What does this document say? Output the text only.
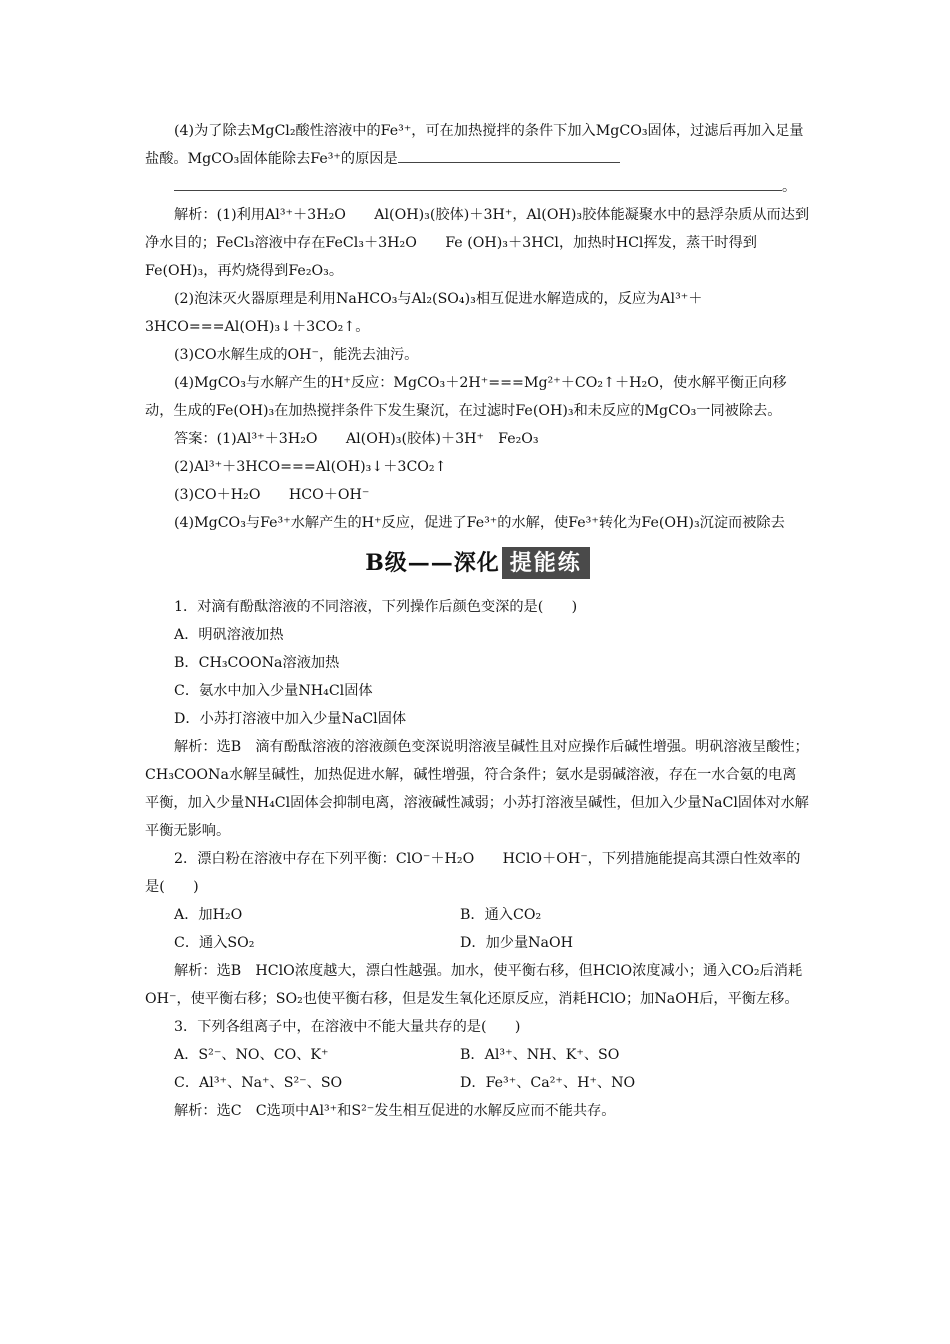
(4)为了除去MgCl₂酸性溶液中的Fe³⁺，可在加热搅拌的条件下加入MgCO₃固体，过滤后再加入足量盐酸。MgCO₃固体能除去Fe³⁺的原因是

。

解析：(1)利用Al³⁺＋3H₂O　　Al(OH)₃(胶体)＋3H⁺，Al(OH)₃胶体能凝聚水中的悬浮杂质从而达到净水目的；FeCl₃溶液中存在FeCl₃＋3H₂O　　Fe (OH)₃＋3HCl，加热时HCl挥发，蒸干时得到Fe(OH)₃，再灼烧得到Fe₂O₃。

(2)泡沫灭火器原理是利用NaHCO₃与Al₂(SO₄)₃相互促进水解造成的，反应为Al³⁺＋3HCO===Al(OH)₃↓＋3CO₂↑。

(3)CO水解生成的OH⁻，能洗去油污。

(4)MgCO₃与水解产生的H⁺反应：MgCO₃＋2H⁺===Mg²⁺＋CO₂↑＋H₂O，使水解平衡正向移动，生成的Fe(OH)₃在加热搅拌条件下发生聚沉，在过滤时Fe(OH)₃和未反应的MgCO₃一同被除去。

答案：(1)Al³⁺＋3H₂O　　Al(OH)₃(胶体)＋3H⁺　Fe₂O₃

(2)Al³⁺＋3HCO===Al(OH)₃↓＋3CO₂↑

(3)CO＋H₂O　　HCO＋OH⁻

(4)MgCO₃与Fe³⁺水解产生的H⁺反应，促进了Fe³⁺的水解，使Fe³⁺转化为Fe(OH)₃沉淀而被除去

B级——深化 提能练

1．对滴有酚酞溶液的不同溶液，下列操作后颜色变深的是(　　)

A．明矾溶液加热

B．CH₃COONa溶液加热

C．氨水中加入少量NH₄Cl固体

D．小苏打溶液中加入少量NaCl固体

解析：选B　滴有酚酞溶液的溶液颜色变深说明溶液呈碱性且对应操作后碱性增强。明矾溶液呈酸性；CH₃COONa水解呈碱性，加热促进水解，碱性增强，符合条件；氨水是弱碱溶液，存在一水合氨的电离平衡，加入少量NH₄Cl固体会抑制电离，溶液碱性减弱；小苏打溶液呈碱性，但加入少量NaCl固体对水解平衡无影响。

2．漂白粉在溶液中存在下列平衡：ClO⁻＋H₂O　　HClO＋OH⁻，下列措施能提高其漂白性效率的是(　　)

A．加H₂O	B．通入CO₂
C．通入SO₂	D．加少量NaOH

解析：选B　HClO浓度越大，漂白性越强。加水，使平衡右移，但HClO浓度减小；通入CO₂后消耗OH⁻，使平衡右移；SO₂也使平衡右移，但是发生氧化还原反应，消耗HClO；加NaOH后，平衡左移。

3．下列各组离子中，在溶液中不能大量共存的是(　　)

A．S²⁻、NO、CO、K⁺	B．Al³⁺、NH、K⁺、SO
C．Al³⁺、Na⁺、S²⁻、SO	D．Fe³⁺、Ca²⁺、H⁺、NO

解析：选C　C选项中Al³⁺和S²⁻发生相互促进的水解反应而不能共存。
